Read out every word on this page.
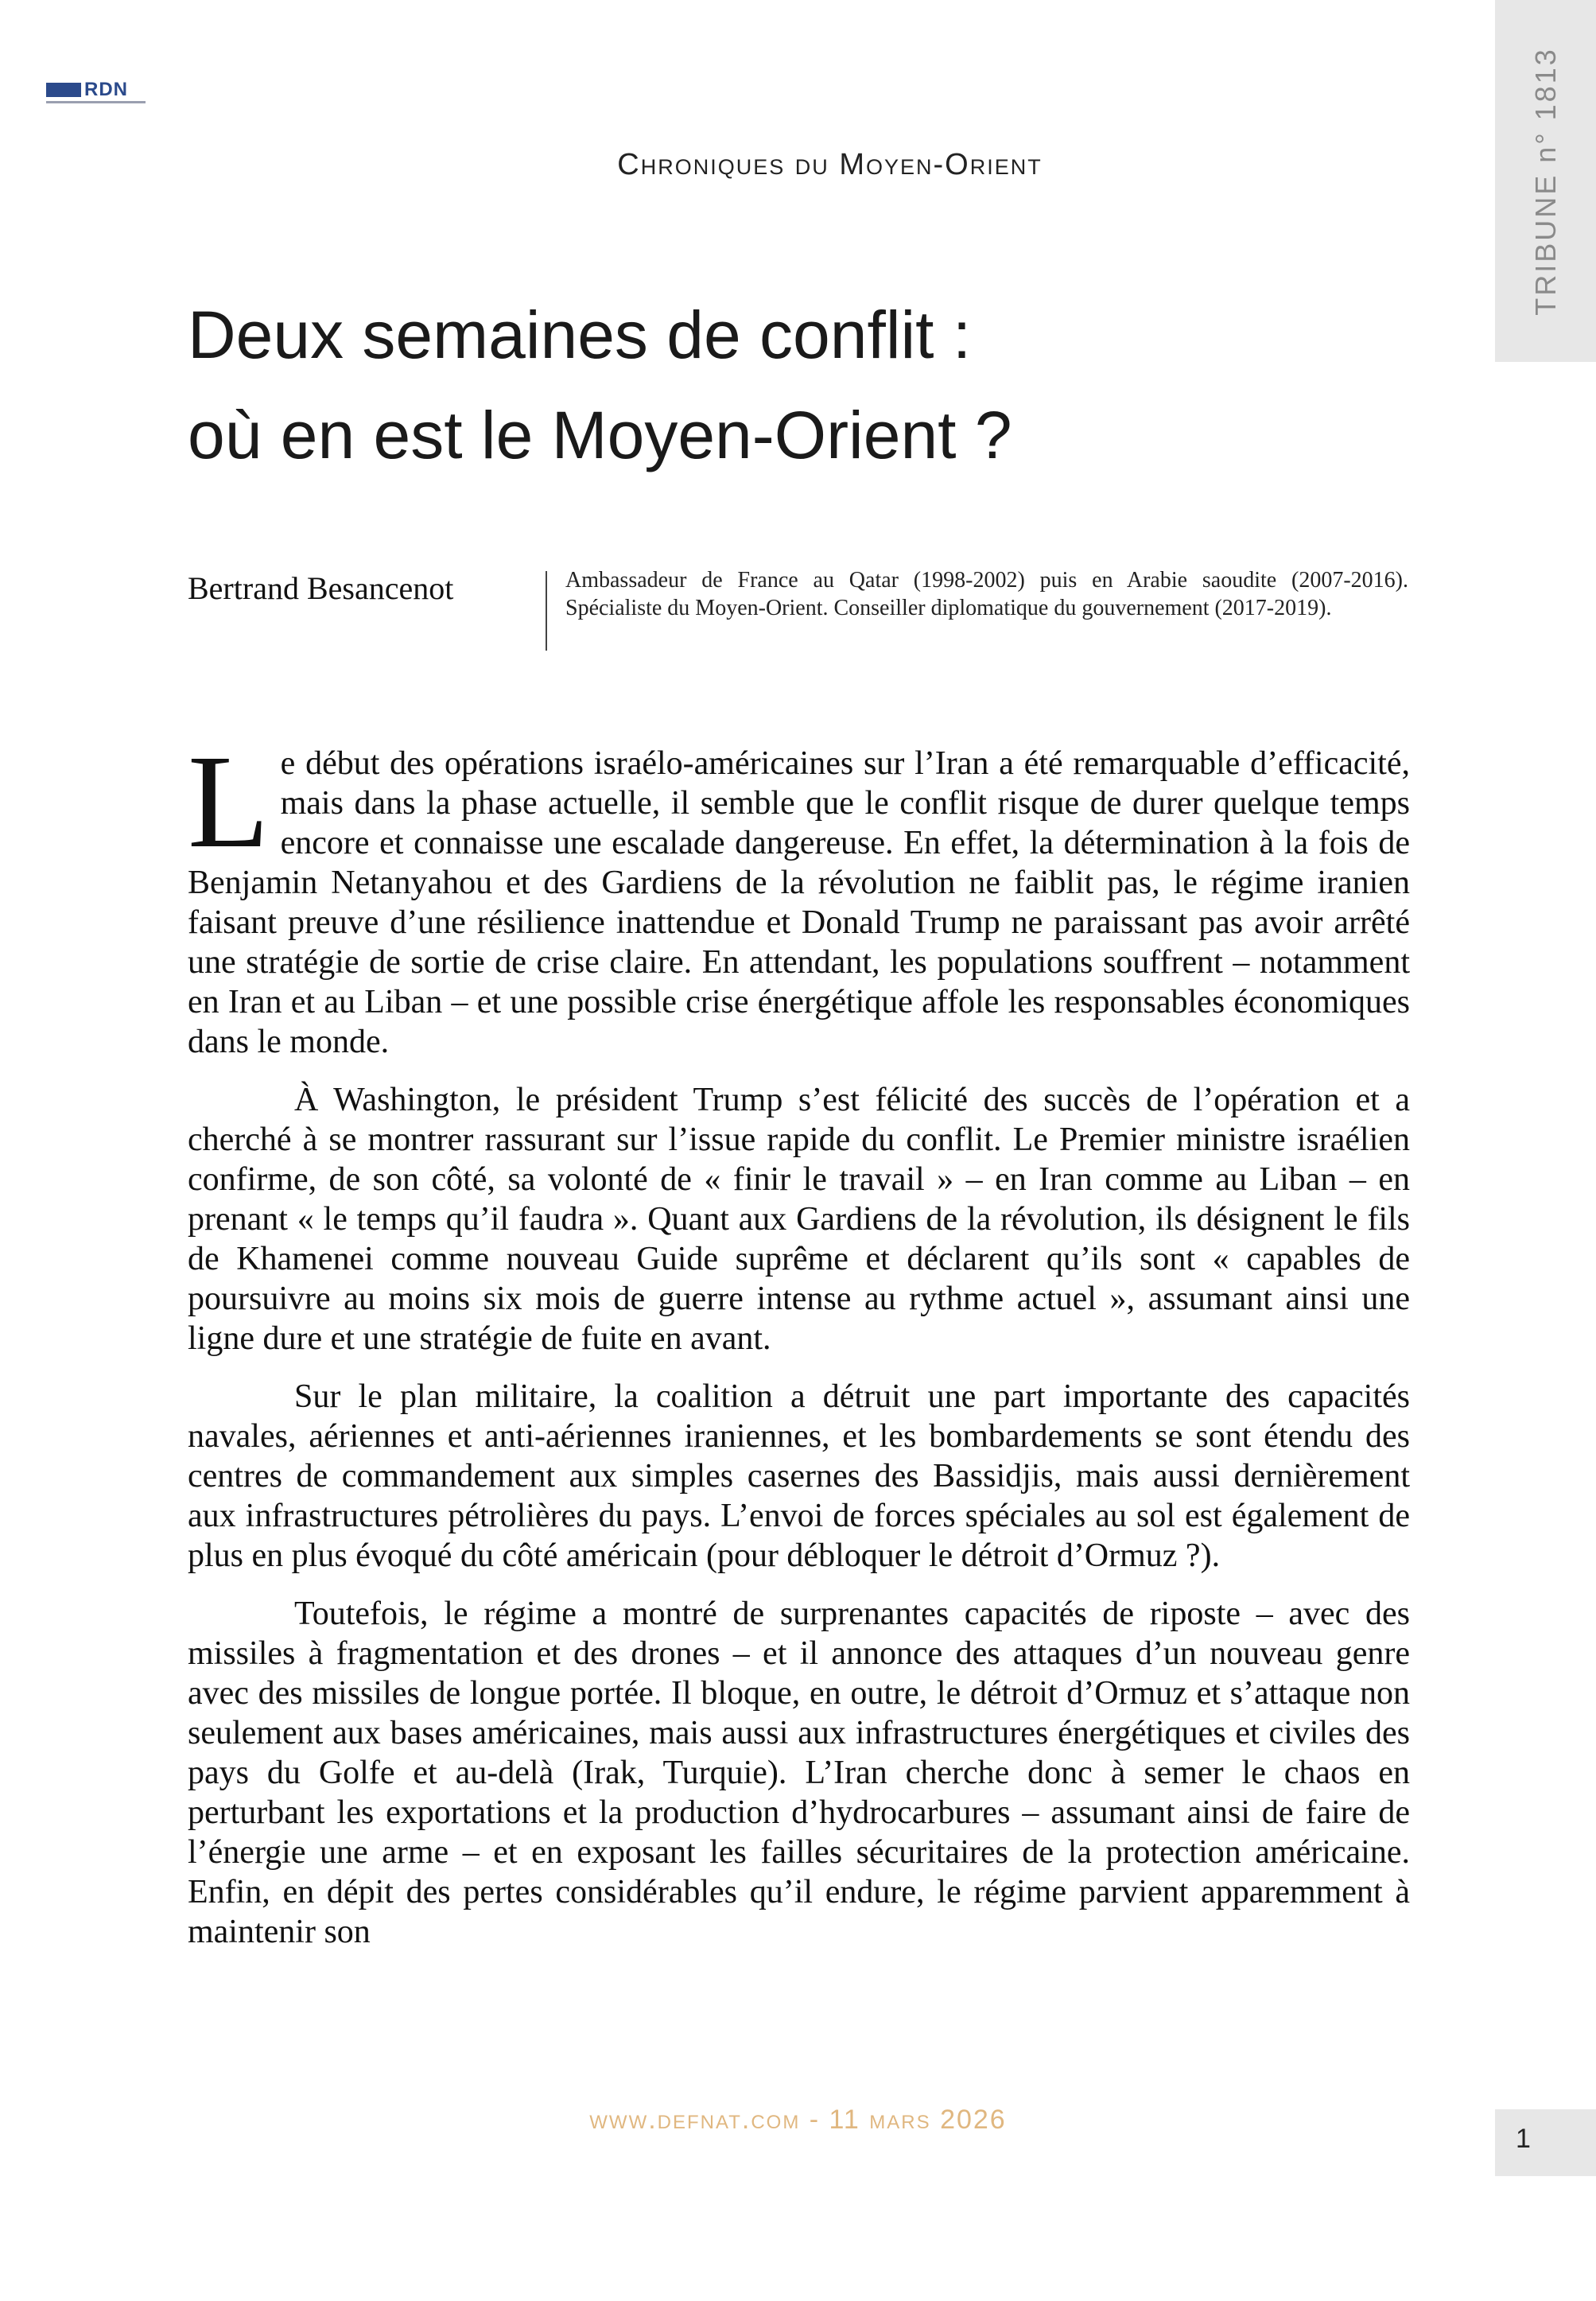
RDN	TRIBUNE n° 1813
Chroniques du Moyen-Orient
Deux semaines de conflit :
où en est le Moyen-Orient ?
Bertrand Besancenot	Ambassadeur de France au Qatar (1998-2002) puis en Arabie saoudite (2007-2016). Spécialiste du Moyen-Orient. Conseiller diplomatique du gouvernement (2017-2019).

Le début des opérations israélo-américaines sur l’Iran a été remarquable d’efficacité, mais dans la phase actuelle, il semble que le conflit risque de durer quelque temps encore et connaisse une escalade dangereuse. En effet, la détermination à la fois de Benjamin Netanyahou et des Gardiens de la révolution ne faiblit pas, le régime iranien faisant preuve d’une résilience inattendue et Donald Trump ne paraissant pas avoir arrêté une stratégie de sortie de crise claire. En attendant, les populations souffrent – notamment en Iran et au Liban – et une possible crise énergétique affole les responsables économiques dans le monde.

À Washington, le président Trump s’est félicité des succès de l’opération et a cherché à se montrer rassurant sur l’issue rapide du conflit. Le Premier ministre israélien confirme, de son côté, sa volonté de « finir le travail » – en Iran comme au Liban – en prenant « le temps qu’il faudra ». Quant aux Gardiens de la révolution, ils désignent le fils de Khamenei comme nouveau Guide suprême et déclarent qu’ils sont « capables de poursuivre au moins six mois de guerre intense au rythme actuel », assumant ainsi une ligne dure et une stratégie de fuite en avant.

Sur le plan militaire, la coalition a détruit une part importante des capacités navales, aériennes et anti-aériennes iraniennes, et les bombardements se sont étendu des centres de commandement aux simples casernes des Bassidjis, mais aussi dernièrement aux infrastructures pétrolières du pays. L’envoi de forces spéciales au sol est également de plus en plus évoqué du côté américain (pour débloquer le détroit d’Ormuz ?).

Toutefois, le régime a montré de surprenantes capacités de riposte – avec des missiles à fragmentation et des drones – et il annonce des attaques d’un nouveau genre avec des missiles de longue portée. Il bloque, en outre, le détroit d’Ormuz et s’attaque non seulement aux bases américaines, mais aussi aux infrastructures énergétiques et civiles des pays du Golfe et au-delà (Irak, Turquie). L’Iran cherche donc à semer le chaos en perturbant les exportations et la production d’hydrocarbures – assumant ainsi de faire de l’énergie une arme – et en exposant les failles sécuritaires de la protection américaine. Enfin, en dépit des pertes considérables qu’il endure, le régime parvient apparemment à maintenir son

www.defnat.com - 11 mars 2026
1
